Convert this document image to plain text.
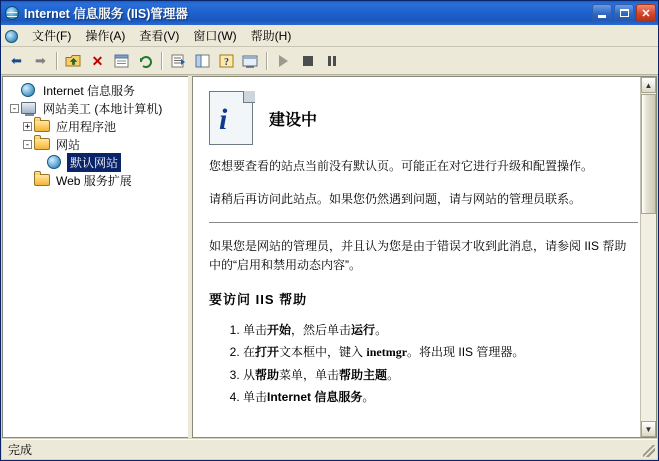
Internet 信息服务 (IIS)管理器	✕
文件(F)	操作(A)	查看(V)	窗口(W)	帮助(H)
⬅ ➡	✕	?
Internet 信息服务
-	网站美工 (本地计算机)
+	应用程序池
-	网站
默认网站
Web 服务扩展
i	建设中

您想要查看的站点当前没有默认页。可能正在对它进行升级和配置操作。

请稍后再访问此站点。如果您仍然遇到问题，请与网站的管理员联系。

如果您是网站的管理员，并且认为您是由于错误才收到此消息，请参阅 IIS 帮助中的“启用和禁用动态内容”。

要访问 IIS 帮助
1. 单击开始，然后单击运行。
2. 在打开文本框中，键入 inetmgr。将出现 IIS 管理器。
3. 从帮助菜单，单击帮助主题。
4. 单击Internet 信息服务。
▲
▼
完成
